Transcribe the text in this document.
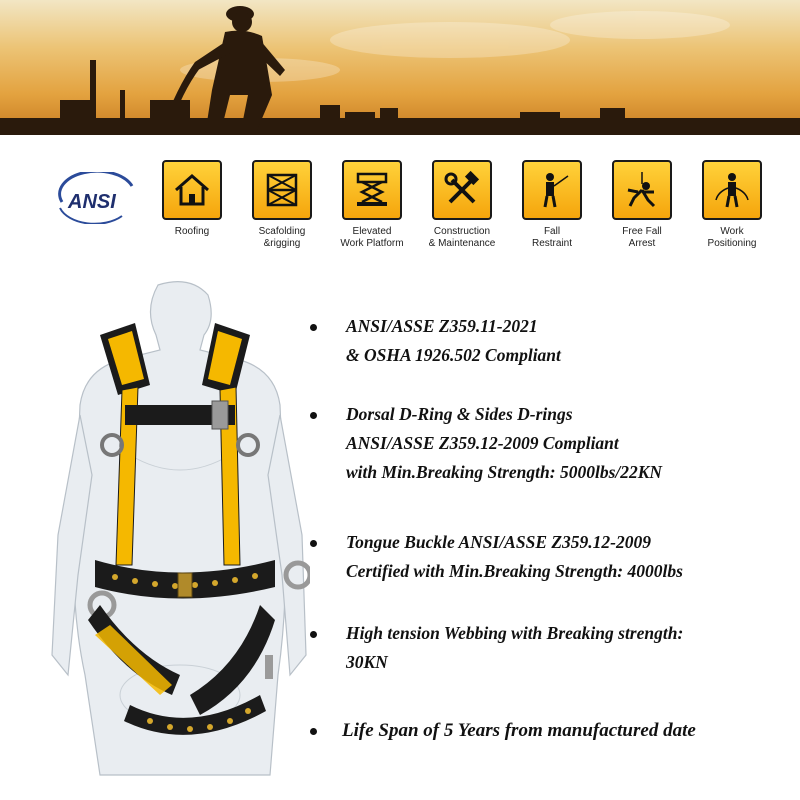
ANSI
Roofing	Scafolding
&rigging
Elevated
Work Platform
Construction
& Maintenance
Fall
Restraint
Free Fall
Arrest
Work
Positioning
ANSI/ASSE Z359.11-2021
& OSHA 1926.502 Compliant
Dorsal D-Ring & Sides D-rings
ANSI/ASSE Z359.12-2009 Compliant
with Min.Breaking Strength: 5000lbs/22KN
Tongue Buckle ANSI/ASSE Z359.12-2009
Certified with Min.Breaking Strength: 4000lbs
High tension Webbing with Breaking strength:
30KN
Life Span of 5 Years from manufactured date
